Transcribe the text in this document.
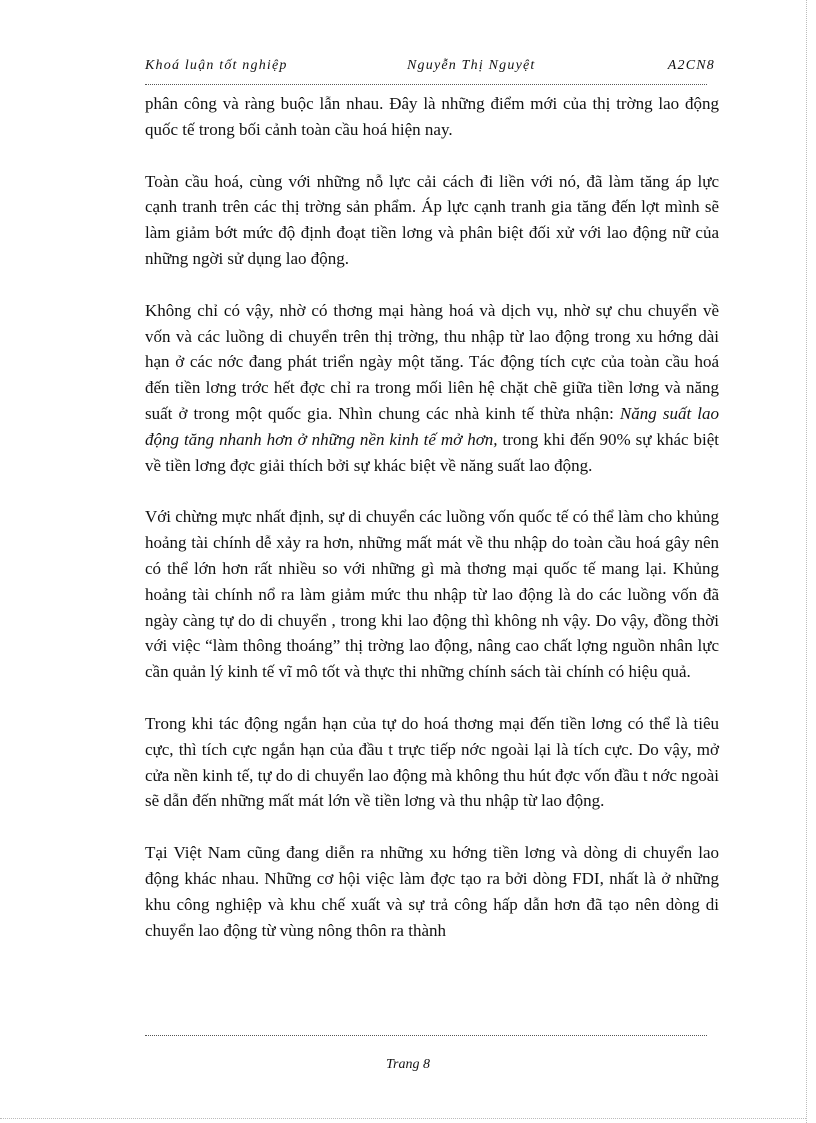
Khoá luận tốt nghiệp	Nguyễn Thị Nguyệt	A2CN8

phân công và ràng buộc lẫn nhau. Đây là những điểm mới của thị trờng lao động quốc tế trong bối cảnh toàn cầu hoá hiện nay.

Toàn cầu hoá, cùng với những nỗ lực cải cách đi liền với nó, đã làm tăng áp lực cạnh tranh trên các thị trờng sản phẩm. Áp lực cạnh tranh gia tăng đến lợt mình sẽ làm giảm bớt mức độ định đoạt tiền lơng và phân biệt đối xử với lao động nữ của những ngời sử dụng lao động.

Không chỉ có vậy, nhờ có thơng mại hàng hoá và dịch vụ, nhờ sự chu chuyển về vốn và các luồng di chuyển trên thị trờng, thu nhập từ lao động trong xu hớng dài hạn ở các nớc đang phát triển ngày một tăng. Tác động tích cực của toàn cầu hoá đến tiền lơng trớc hết đợc chỉ ra trong mối liên hệ chặt chẽ giữa tiền lơng và năng suất ở trong một quốc gia. Nhìn chung các nhà kinh tế thừa nhận: Năng suất lao động tăng nhanh hơn ở những nền kinh tế mở hơn, trong khi đến 90% sự khác biệt về tiền lơng đợc giải thích bởi sự khác biệt về năng suất lao động.

Với chừng mực nhất định, sự di chuyển các luồng vốn quốc tế có thể làm cho khủng hoảng tài chính dễ xảy ra hơn, những mất mát về thu nhập do toàn cầu hoá gây nên có thể lớn hơn rất nhiều so với những gì mà thơng mại quốc tế mang lại. Khủng hoảng tài chính nổ ra làm giảm mức thu nhập từ lao động là do các luồng vốn đã ngày càng tự do di chuyển , trong khi lao động thì không nh vậy. Do vậy, đồng thời với việc “làm thông thoáng” thị trờng lao động, nâng cao chất lợng nguồn nhân lực cần quản lý kinh tế vĩ mô tốt và thực thi những chính sách tài chính có hiệu quả.

Trong khi tác động ngắn hạn của tự do hoá thơng mại đến tiền lơng có thể là tiêu cực, thì tích cực ngắn hạn của đầu t trực tiếp nớc ngoài lại là tích cực. Do vậy, mở cửa nền kinh tế, tự do di chuyển lao động mà không thu hút đợc vốn đầu t nớc ngoài sẽ dẫn đến những mất mát lớn về tiền lơng và thu nhập từ lao động.

Tại Việt Nam cũng đang diễn ra những xu hớng tiền lơng và dòng di chuyển lao động khác nhau. Những cơ hội việc làm đợc tạo ra bởi dòng FDI, nhất là ở những khu công nghiệp và khu chế xuất và sự trả công hấp dẫn hơn đã tạo nên dòng di chuyển lao động từ vùng nông thôn ra thành

Trang 8
